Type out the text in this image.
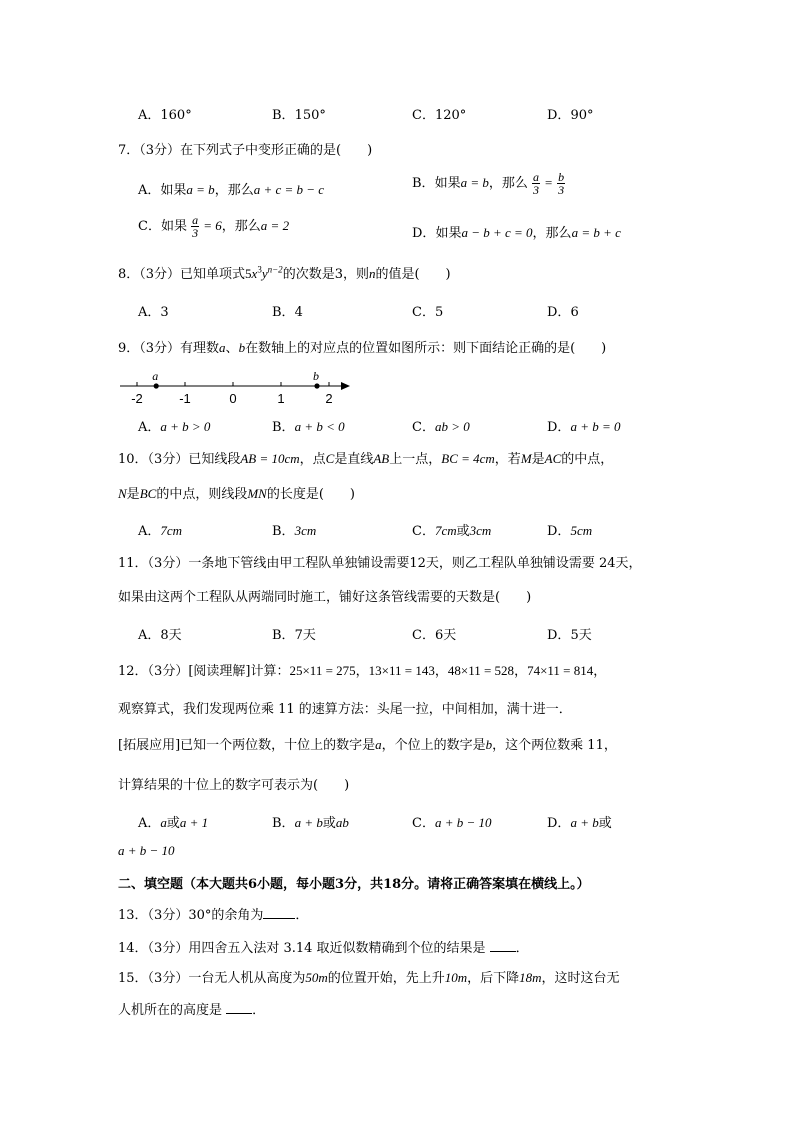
A．160°	B．150°	C．120°	D．90°
7．（3分）在下列式子中变形正确的是(　　)
A．如果a = b，那么a + c = b − c	B．如果a = b，那么 $\frac{a}{3} = \frac{b}{3}$
C．如果 $\frac{a}{3} = 6$，那么a = 2
D．如果a − b + c = 0，那么a = b + c
8．（3分）已知单项式$5x^3y^{n-2}$的次数是3，则n的值是(　　)
A．3	B．4	C．5	D．6
9．（3分）有理数a、b在数轴上的对应点的位置如图所示：则下面结论正确的是(　　)
-2	-1	0	1	2
a	b
A．a + b > 0	B．a + b < 0	C．ab > 0	D．a + b = 0
10．（3分）已知线段AB = 10cm，点C是直线AB上一点，BC = 4cm，若M是AC的中点，
N是BC的中点，则线段MN的长度是(　　)
A．7cm	B．3cm	C．7cm或3cm	D．5cm
11．（3分）一条地下管线由甲工程队单独铺设需要12天，则乙工程队单独铺设需要 24天，
如果由这两个工程队从两端同时施工，铺好这条管线需要的天数是(　　)
A．8天	B．7天	C．6天	D．5天
12．（3分）[阅读理解]计算：25×11 = 275，13×11 = 143，48×11 = 528，74×11 = 814，
观察算式，我们发现两位乘 11 的速算方法：头尾一拉，中间相加，满十进一．
[拓展应用]已知一个两位数，十位上的数字是a，个位上的数字是b，这个两位数乘 11，
计算结果的十位上的数字可表示为(　　)
A．a或a + 1	B．a + b或ab	C．a + b − 10	D．a + b或
a + b − 10
二、填空题（本大题共6小题，每小题3分，共18分。请将正确答案填在横线上。）
13．（3分）30°的余角为 ．
14．（3分）用四舍五入法对 3.14 取近似数精确到个位的结果是 ．
15．（3分）一台无人机从高度为50m的位置开始，先上升10m，后下降18m，这时这台无
人机所在的高度是 ．
